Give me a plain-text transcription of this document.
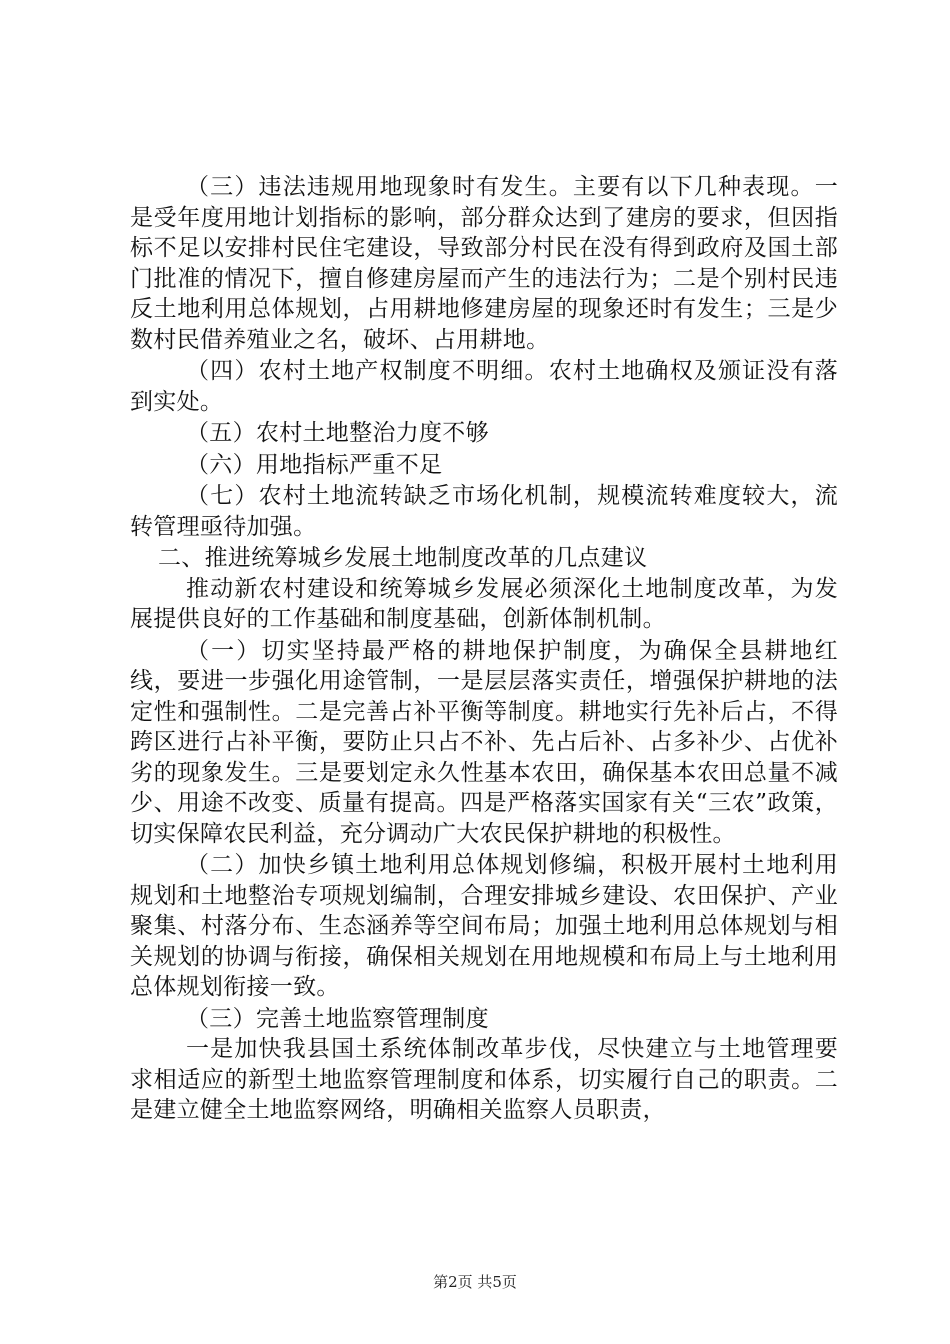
（三）违法违规用地现象时有发生。主要有以下几种表现。一是受年度用地计划指标的影响，部分群众达到了建房的要求，但因指标不足以安排村民住宅建设，导致部分村民在没有得到政府及国土部门批准的情况下，擅自修建房屋而产生的违法行为；二是个别村民违反土地利用总体规划，占用耕地修建房屋的现象还时有发生；三是少数村民借养殖业之名，破坏、占用耕地。

（四）农村土地产权制度不明细。农村土地确权及颁证没有落到实处。

（五）农村土地整治力度不够

（六）用地指标严重不足

（七）农村土地流转缺乏市场化机制，规模流转难度较大，流转管理亟待加强。

二、推进统筹城乡发展土地制度改革的几点建议

推动新农村建设和统筹城乡发展必须深化土地制度改革，为发展提供良好的工作基础和制度基础，创新体制机制。

（一）切实坚持最严格的耕地保护制度，为确保全县耕地红线，要进一步强化用途管制，一是层层落实责任，增强保护耕地的法定性和强制性。二是完善占补平衡等制度。耕地实行先补后占，不得跨区进行占补平衡，要防止只占不补、先占后补、占多补少、占优补劣的现象发生。三是要划定永久性基本农田，确保基本农田总量不减少、用途不改变、质量有提高。四是严格落实国家有关“三农”政策，切实保障农民利益，充分调动广大农民保护耕地的积极性。

（二）加快乡镇土地利用总体规划修编，积极开展村土地利用规划和土地整治专项规划编制，合理安排城乡建设、农田保护、产业聚集、村落分布、生态涵养等空间布局；加强土地利用总体规划与相关规划的协调与衔接，确保相关规划在用地规模和布局上与土地利用总体规划衔接一致。

（三）完善土地监察管理制度

一是加快我县国土系统体制改革步伐，尽快建立与土地管理要求相适应的新型土地监察管理制度和体系，切实履行自己的职责。二是建立健全土地监察网络，明确相关监察人员职责，

第2页 共5页
